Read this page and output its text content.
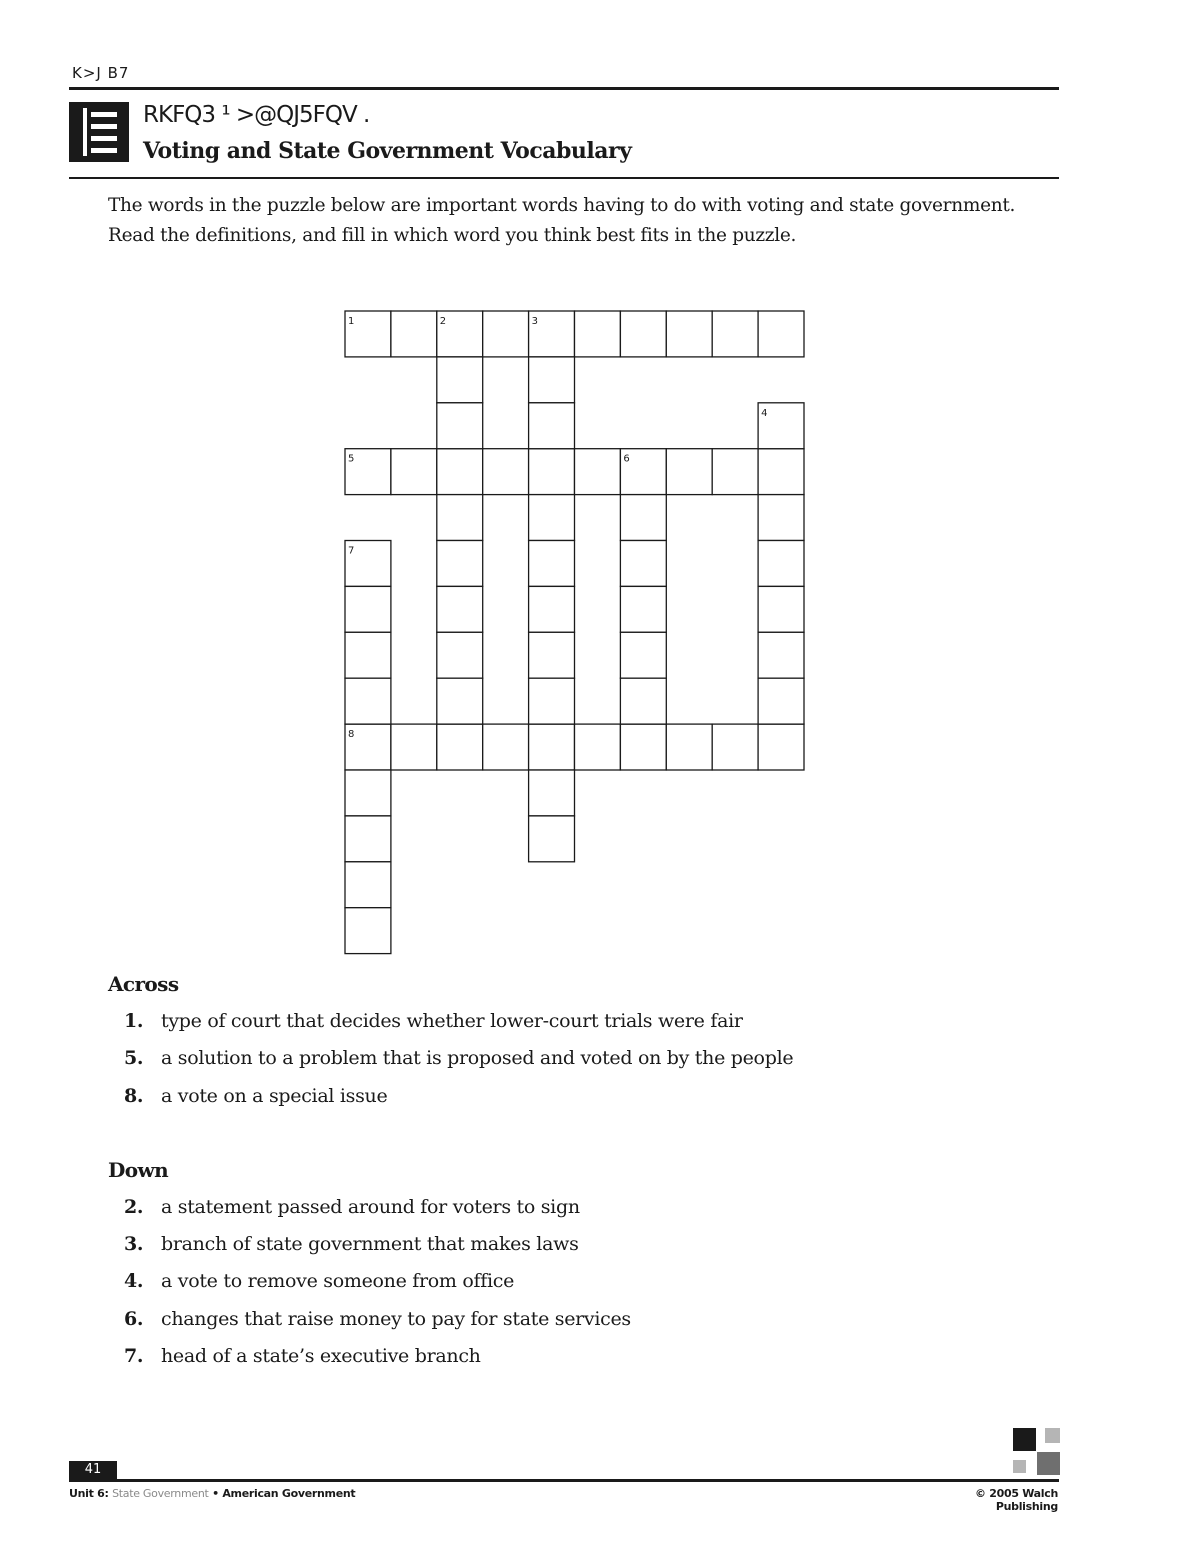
K>J B7
RKFQ3 ¹ >@QJ5FQV .
Voting and State Government Vocabulary
The words in the puzzle below are important words having to do with voting and state government.
Read the definitions, and fill in which word you think best fits in the puzzle.
1	2	3
4
5	6
7
8
Across
1. type of court that decides whether lower-court trials were fair
5. a solution to a problem that is proposed and voted on by the people
8. a vote on a special issue
Down
2. a statement passed around for voters to sign
3. branch of state government that makes laws
4. a vote to remove someone from office
6. changes that raise money to pay for state services
7. head of a state’s executive branch
41
Unit 6: State Government • American Government	© 2005 Walch Publishing
